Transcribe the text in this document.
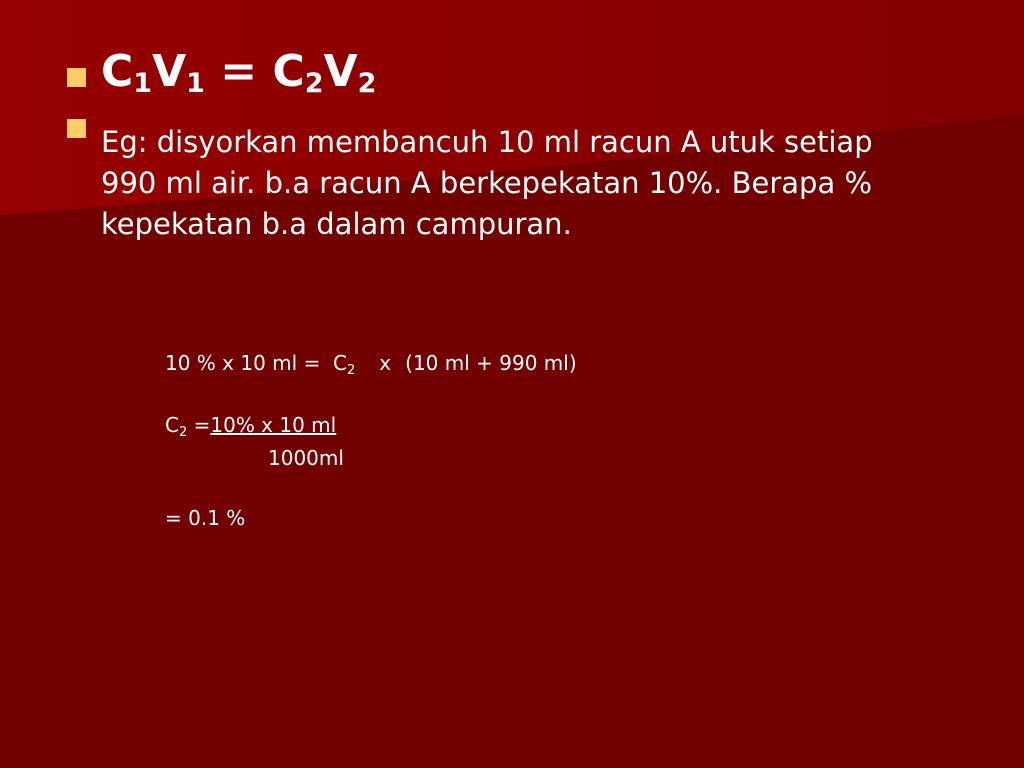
$C_1V_1 = C_2V_2$
Eg: disyorkan membancuh 10 ml racun A utuk setiap
990 ml air. b.a racun A berkepekatan 10%. Berapa %
kepekatan b.a dalam campuran.
10 % x 10 ml =  $C_2$ x (10 ml + 990 ml)
$C_2 =10\%$ x 10 ml
1000ml
= 0.1 %
